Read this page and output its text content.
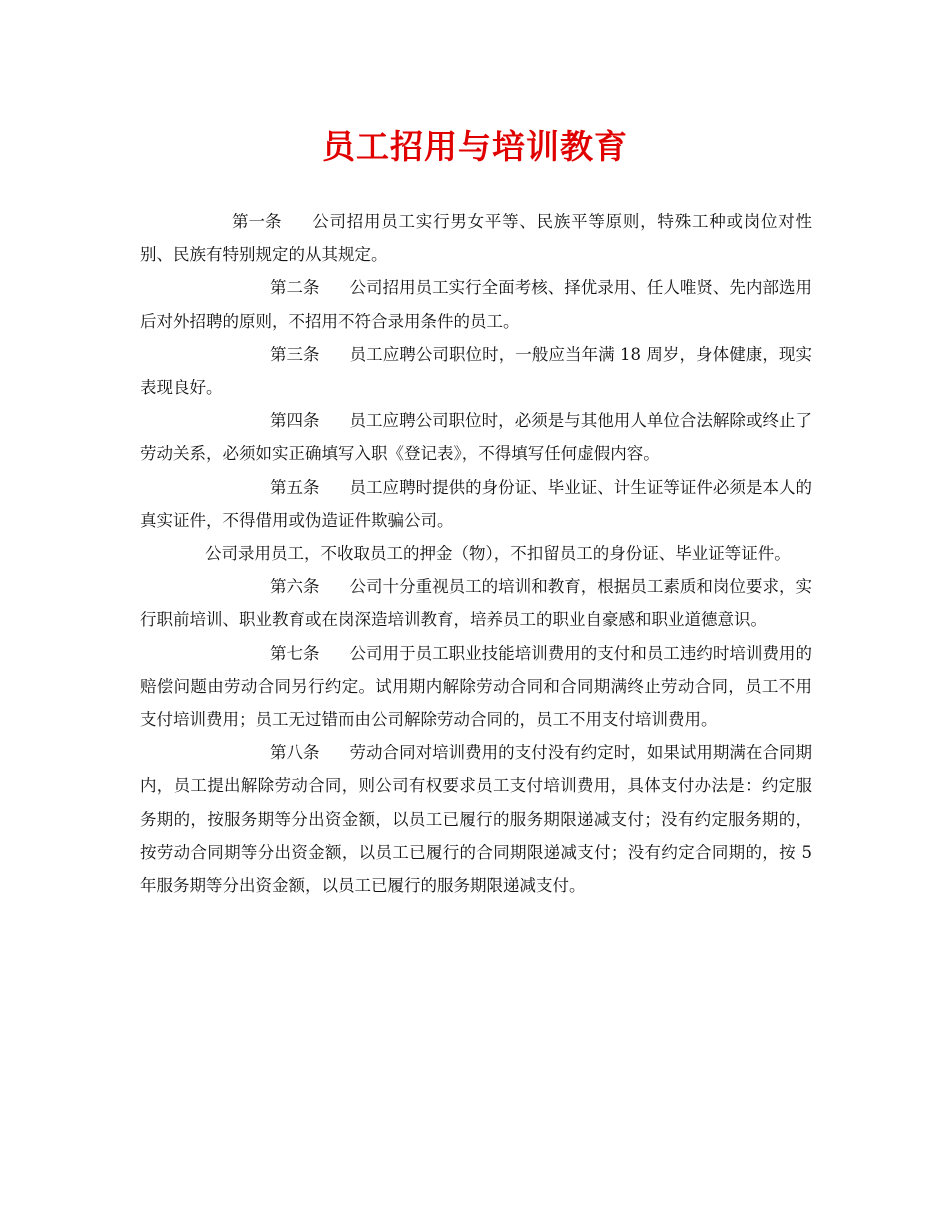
员工招用与培训教育

第一条 公司招用员工实行男女平等、民族平等原则，特殊工种或岗位对性别、民族有特别规定的从其规定。

第二条 公司招用员工实行全面考核、择优录用、任人唯贤、先内部选用后对外招聘的原则，不招用不符合录用条件的员工。

第三条 员工应聘公司职位时，一般应当年满 18 周岁，身体健康，现实表现良好。

第四条 员工应聘公司职位时，必须是与其他用人单位合法解除或终止了劳动关系，必须如实正确填写入职《登记表》，不得填写任何虚假内容。

第五条 员工应聘时提供的身份证、毕业证、计生证等证件必须是本人的真实证件，不得借用或伪造证件欺骗公司。

公司录用员工，不收取员工的押金（物），不扣留员工的身份证、毕业证等证件。

第六条 公司十分重视员工的培训和教育，根据员工素质和岗位要求，实行职前培训、职业教育或在岗深造培训教育，培养员工的职业自豪感和职业道德意识。

第七条 公司用于员工职业技能培训费用的支付和员工违约时培训费用的赔偿问题由劳动合同另行约定。试用期内解除劳动合同和合同期满终止劳动合同，员工不用支付培训费用；员工无过错而由公司解除劳动合同的，员工不用支付培训费用。

第八条 劳动合同对培训费用的支付没有约定时，如果试用期满在合同期内，员工提出解除劳动合同，则公司有权要求员工支付培训费用，具体支付办法是：约定服务期的，按服务期等分出资金额，以员工已履行的服务期限递减支付；没有约定服务期的，按劳动合同期等分出资金额，以员工已履行的合同期限递减支付；没有约定合同期的，按 5 年服务期等分出资金额，以员工已履行的服务期限递减支付。
